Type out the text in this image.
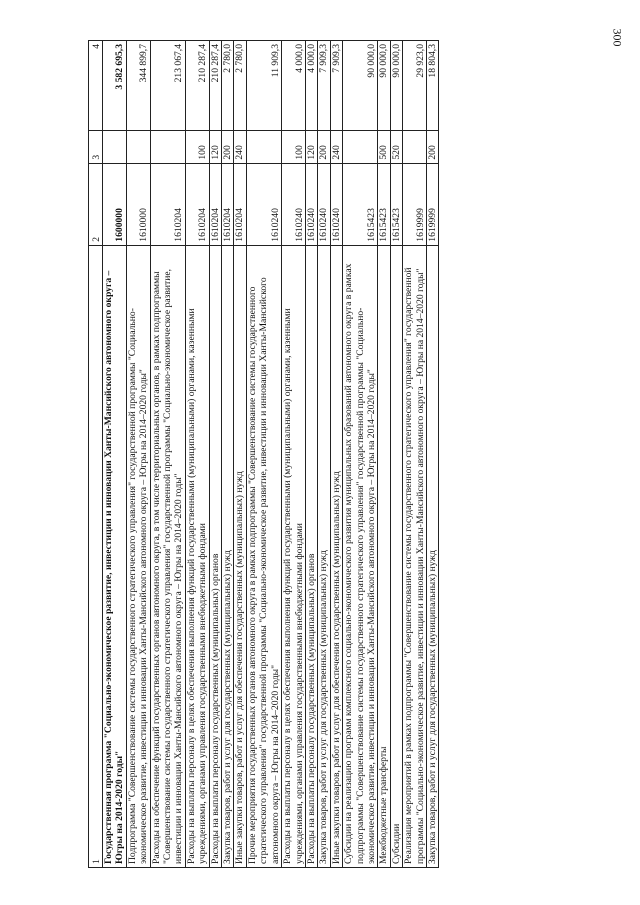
300
1	2	3	4
Государственная программа "Социально-экономическое развитие, инвестиции и инновации Ханты-Мансийского автономного округа – Югры на 2014-2020 годы"	1600000		3 582 695,3
Подпрограмма "Совершенствование системы государственного стратегического управления" государственной программы "Социально-экономическое развитие, инвестиции и инновации Ханты-Мансийского автономного округа – Югры на 2014–2020 годы"	1610000		344 899,7
Расходы на обеспечение функций государственных органов автономного округа, в том числе территориальных органов, в рамках подпрограммы "Совершенствование системы государственного стратегического управления" государственной программы "Социально-экономическое развитие, инвестиции и инновации Ханты-Мансийского автономного округа – Югры на 2014–2020 годы"	1610204		213 067,4
Расходы на выплаты персоналу в целях обеспечения выполнения функций государственными (муниципальными) органами, казенными учреждениями, органами управления государственными внебюджетными фондами	1610204	100	210 287,4
Расходы на выплаты персоналу государственных (муниципальных) органов	1610204	120	210 287,4
Закупка товаров, работ и услуг для государственных (муниципальных) нужд	1610204	200	2 780,0
Иные закупки товаров, работ и услуг для обеспечения государственных (муниципальных) нужд	1610204	240	2 780,0
Прочие мероприятия государственных органов автономного округа в рамках подпрограммы "Совершенствование системы государственного стратегического управления" государственной программы "Социально-экономическое развитие, инвестиции и инновации Ханты-Мансийского автономного округа – Югры на 2014–2020 годы"	1610240		11 909,3
Расходы на выплаты персоналу в целях обеспечения выполнения функций государственными (муниципальными) органами, казенными учреждениями, органами управления государственными внебюджетными фондами	1610240	100	4 000,0
Расходы на выплаты персоналу государственных (муниципальных) органов	1610240	120	4 000,0
Закупка товаров, работ и услуг для государственных (муниципальных) нужд	1610240	200	7 909,3
Иные закупки товаров, работ и услуг для обеспечения государственных (муниципальных) нужд	1610240	240	7 909,3
Субсидии на реализацию программ комплексного социально-экономического развития муниципальных образований автономного округа в рамках подпрограммы "Совершенствование системы государственного стратегического управления" государственной программы "Социально-экономическое развитие, инвестиции и инновации Ханты-Мансийского автономного округа – Югры на 2014–2020 годы"	1615423		90 000,0
Межбюджетные трансферты	1615423	500	90 000,0
Субсидии	1615423	520	90 000,0
Реализация мероприятий в рамках подпрограммы "Совершенствование системы государственного стратегического управления" государственной программы "Социально-экономическое развитие, инвестиции и инновации Ханты-Мансийского автономного округа – Югры на 2014–2020 годы"	1619999		29 923,0
Закупка товаров, работ и услуг для государственных (муниципальных) нужд	1619999	200	18 804,3
